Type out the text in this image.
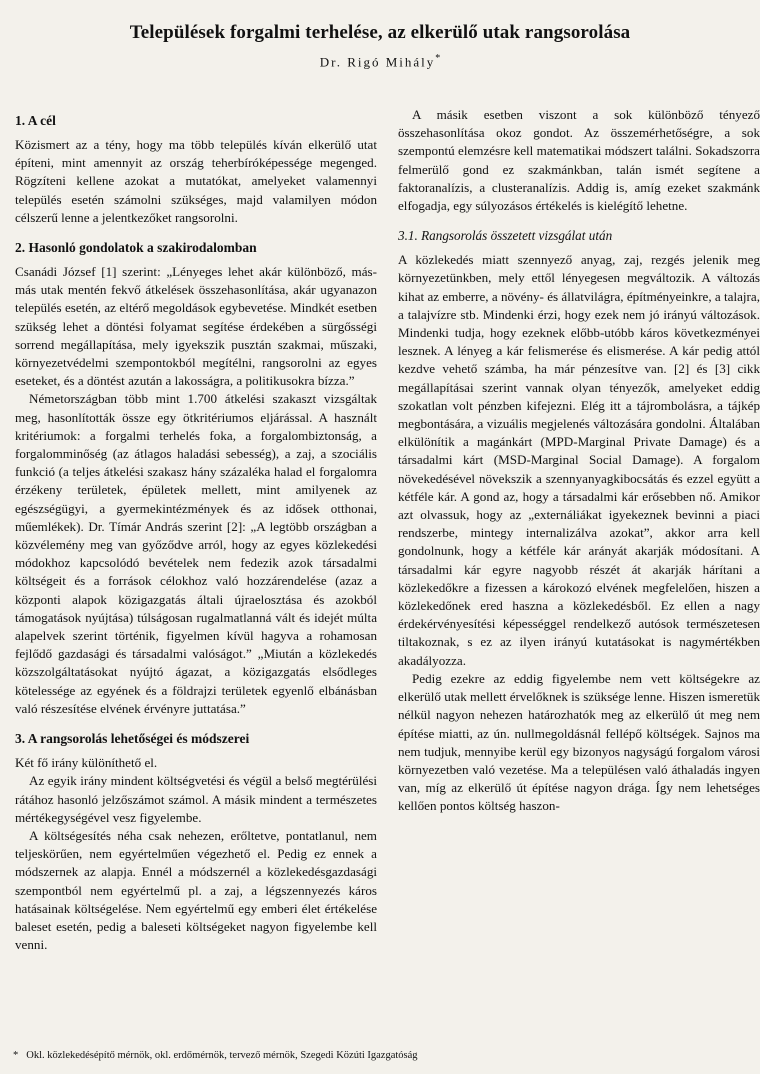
Települések forgalmi terhelése, az elkerülő utak rangsorolása
Dr. Rigó Mihály*
1. A cél

Közismert az a tény, hogy ma több település kíván elkerülő utat építeni, mint amennyit az ország teherbíróképessége megenged. Rögzíteni kellene azokat a mutatókat, amelyeket valamennyi település esetén számolni szükséges, majd valamilyen módon célszerű lenne a jelentkezőket rangsorolni.

2. Hasonló gondolatok a szakirodalomban

Csanádi József [1] szerint: „Lényeges lehet akár különböző, más-más utak mentén fekvő átkelések összehasonlítása, akár ugyanazon település esetén, az eltérő megoldások egybevetése. Mindkét esetben szükség lehet a döntési folyamat segítése érdekében a sürgősségi sorrend megállapítása, mely igyekszik pusztán szakmai, műszaki, környezetvédelmi szempontokból megítélni, rangsorolni az egyes eseteket, és a döntést azután a lakosságra, a politikusokra bízza.”

Németországban több mint 1.700 átkelési szakaszt vizsgáltak meg, hasonlították össze egy ötkritériumos eljárással. A használt kritériumok: a forgalmi terhelés foka, a forgalombiztonság, a forgalomminőség (az átlagos haladási sebesség), a zaj, a szociális funkció (a teljes átkelési szakasz hány százaléka halad el forgalomra érzékeny területek, épületek mellett, mint amilyenek az egészségügyi, a gyermekintézmények és az idősek otthonai, műemlékek). Dr. Tímár András szerint [2]: „A legtöbb országban a közvélemény meg van győződve arról, hogy az egyes közlekedési módokhoz kapcsolódó bevételek nem fedezik azok társadalmi költségeit és a források célokhoz való hozzárendelése (azaz a központi alapok közigazgatás általi újraelosztása és azokból támogatások nyújtása) túlságosan rugalmatlanná vált és idejét múlta alapelvek szerint történik, figyelmen kívül hagyva a rohamosan fejlődő gazdasági és társadalmi valóságot.” „Miután a közlekedés közszolgáltatásokat nyújtó ágazat, a közigazgatás elsődleges kötelessége az egyének és a földrajzi területek egyenlő elbánásban való részesítése elvének érvényre juttatása.”

3. A rangsorolás lehetőségei és módszerei

Két fő irány különíthető el.

Az egyik irány mindent költségvetési és végül a belső megtérülési rátához hasonló jelzőszámot számol. A másik mindent a természetes mértékegységével vesz figyelembe.

A költségesítés néha csak nehezen, erőltetve, pontatlanul, nem teljeskörűen, nem egyértelműen végezhető el. Pedig ez ennek a módszernek az alapja. Ennél a módszernél a közlekedésgazdasági szempontból nem egyértelmű pl. a zaj, a légszennyezés káros hatásainak költségelése. Nem egyértelmű egy emberi élet értékelése baleset esetén, pedig a baleseti költségeket nagyon figyelembe kell venni.

A másik esetben viszont a sok különböző tényező összehasonlítása okoz gondot. Az összemérhetőségre, a sok szempontú elemzésre kell matematikai módszert találni. Sokadszorra felmerülő gond ez szakmánkban, talán ismét segítene a faktoranalízis, a clusteranalízis. Addig is, amíg ezeket szakmánk elfogadja, egy súlyozásos értékelés is kielégítő lehetne.

3.1. Rangsorolás összetett vizsgálat után

A közlekedés miatt szennyező anyag, zaj, rezgés jelenik meg környezetünkben, mely ettől lényegesen megváltozik. A változás kihat az emberre, a növény- és állatvilágra, építményeinkre, a talajra, a talajvízre stb. Mindenki érzi, hogy ezek nem jó irányú változások. Mindenki tudja, hogy ezeknek előbb-utóbb káros következményei lesznek. A lényeg a kár felismerése és elismerése. A kár pedig attól kezdve vehető számba, ha már pénzesítve van. [2] és [3] cikk megállapításai szerint vannak olyan tényezők, amelyeket eddig szokatlan volt pénzben kifejezni. Elég itt a tájrombolásra, a tájkép megbontására, a vizuális megjelenés változására gondolni. Általában elkülönítik a magánkárt (MPD-Marginal Private Damage) és a társadalmi kárt (MSD-Marginal Social Damage). A forgalom növekedésével növekszik a szennyanyagkibocsátás és ezzel együtt a kétféle kár. A gond az, hogy a társadalmi kár erősebben nő. Amikor azt olvassuk, hogy az „externáliákat igyekeznek bevinni a piaci rendszerbe, mintegy internalizálva azokat”, akkor arra kell gondolnunk, hogy a kétféle kár arányát akarják módosítani. A társadalmi kár egyre nagyobb részét át akarják hárítani a közlekedőkre a fizessen a károkozó elvének megfelelően, hiszen a közlekedőnek ered haszna a közlekedésből. Ez ellen a nagy érdekérvényesítési képességgel rendelkező autósok természetesen tiltakoznak, s ez az ilyen irányú kutatásokat is nagymértékben akadályozza.

Pedig ezekre az eddig figyelembe nem vett költségekre az elkerülő utak mellett érvelőknek is szüksége lenne. Hiszen ismeretük nélkül nagyon nehezen határozhatók meg az elkerülő út meg nem építése miatti, az ún. nullmegoldásnál fellépő költségek. Sajnos ma nem tudjuk, mennyibe kerül egy bizonyos nagyságú forgalom városi környezetben való vezetése. Ma a településen való áthaladás ingyen van, míg az elkerülő út építése nagyon drága. Így nem lehetséges kellően pontos költség haszon-

* Okl. közlekedésépítő mérnök, okl. erdőmérnök, tervező mérnök, Szegedi Közúti Igazgatóság
